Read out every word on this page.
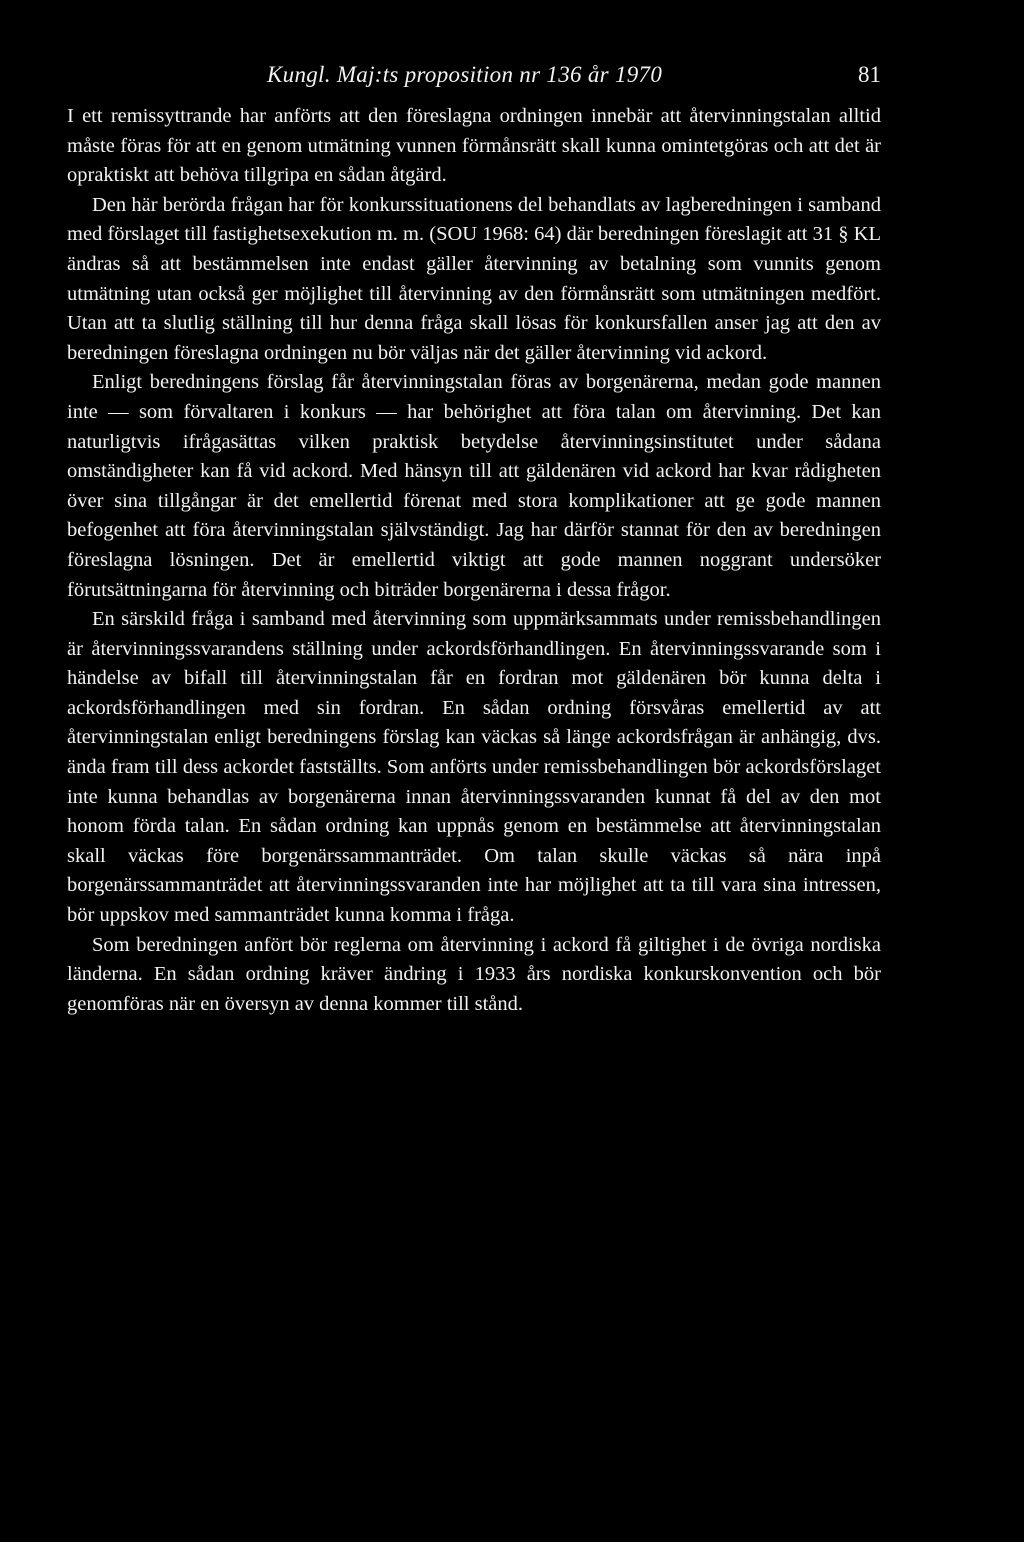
Kungl. Maj:ts proposition nr 136 år 1970	81

I ett remissyttrande har anförts att den föreslagna ordningen innebär att återvinningstalan alltid måste föras för att en genom utmätning vunnen förmånsrätt skall kunna omintetgöras och att det är opraktiskt att behöva tillgripa en sådan åtgärd.

Den här berörda frågan har för konkurssituationens del behandlats av lagberedningen i samband med förslaget till fastighetsexekution m. m. (SOU 1968: 64) där beredningen föreslagit att 31 § KL ändras så att bestämmelsen inte endast gäller återvinning av betalning som vunnits genom utmätning utan också ger möjlighet till återvinning av den förmånsrätt som utmätningen medfört. Utan att ta slutlig ställning till hur denna fråga skall lösas för konkursfallen anser jag att den av beredningen föreslagna ordningen nu bör väljas när det gäller återvinning vid ackord.

Enligt beredningens förslag får återvinningstalan föras av borgenärerna, medan gode mannen inte — som förvaltaren i konkurs — har behörighet att föra talan om återvinning. Det kan naturligtvis ifrågasättas vilken praktisk betydelse återvinningsinstitutet under sådana omständigheter kan få vid ackord. Med hänsyn till att gäldenären vid ackord har kvar rådigheten över sina tillgångar är det emellertid förenat med stora komplikationer att ge gode mannen befogenhet att föra återvinningstalan självständigt. Jag har därför stannat för den av beredningen föreslagna lösningen. Det är emellertid viktigt att gode mannen noggrant undersöker förutsättningarna för återvinning och biträder borgenärerna i dessa frågor.

En särskild fråga i samband med återvinning som uppmärksammats under remissbehandlingen är återvinningssvarandens ställning under ackordsförhandlingen. En återvinningssvarande som i händelse av bifall till återvinningstalan får en fordran mot gäldenären bör kunna delta i ackordsförhandlingen med sin fordran. En sådan ordning försvåras emellertid av att återvinningstalan enligt beredningens förslag kan väckas så länge ackordsfrågan är anhängig, dvs. ända fram till dess ackordet fastställts. Som anförts under remissbehandlingen bör ackordsförslaget inte kunna behandlas av borgenärerna innan återvinningssvaranden kunnat få del av den mot honom förda talan. En sådan ordning kan uppnås genom en bestämmelse att återvinningstalan skall väckas före borgenärssammanträdet. Om talan skulle väckas så nära inpå borgenärssammanträdet att återvinningssvaranden inte har möjlighet att ta till vara sina intressen, bör uppskov med sammanträdet kunna komma i fråga.

Som beredningen anfört bör reglerna om återvinning i ackord få giltighet i de övriga nordiska länderna. En sådan ordning kräver ändring i 1933 års nordiska konkurskonvention och bör genomföras när en översyn av denna kommer till stånd.
